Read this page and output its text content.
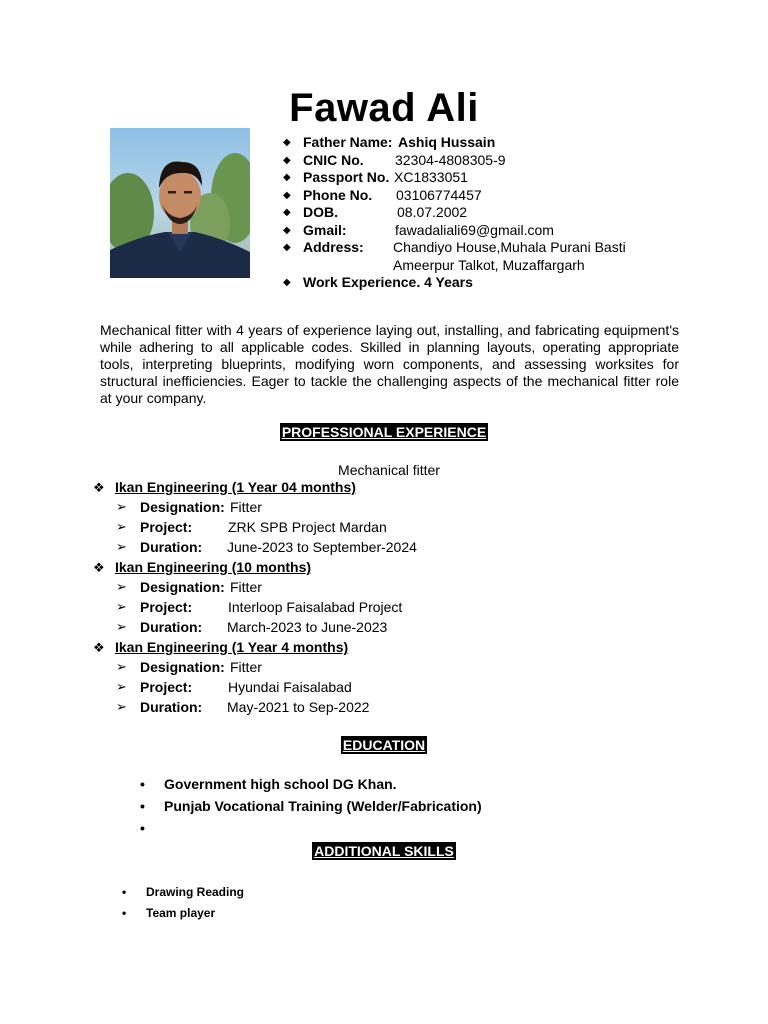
Fawad Ali
◆ Father Name: Ashiq Hussain
◆ CNIC No. 32304-4808305-9
◆ Passport No. XC1833051
◆ Phone No. 03106774457
◆ DOB.	08.07.2002
◆ Gmail:	fawadaliali69@gmail.com
◆ Address: Chandiyo House,Muhala Purani Basti
Ameerpur Talkot, Muzaffargarh
◆ Work Experience. 4 Years
Mechanical fitter with 4 years of experience laying out, installing, and fabricating equipment's while adhering to all applicable codes. Skilled in planning layouts, operating appropriate tools, interpreting blueprints, modifying worn components, and assessing worksites for structural inefficiencies. Eager to tackle the challenging aspects of the mechanical fitter role at your company.
PROFESSIONAL EXPERIENCE
Mechanical fitter
❖ Ikan Engineering (1 Year 04 months)
➢ Designation: Fitter
➢ Project:	ZRK SPB Project Mardan
➢ Duration: June-2023 to September-2024
❖ Ikan Engineering (10 months)
➢ Designation: Fitter
➢ Project:	Interloop Faisalabad Project
➢ Duration: March-2023 to June-2023
❖ Ikan Engineering (1 Year 4 months)
➢ Designation: Fitter
➢ Project:	Hyundai Faisalabad
➢ Duration: May-2021 to Sep-2022
EDUCATION
• Government high school DG Khan.
• Punjab Vocational Training (Welder/Fabrication)
•
ADDITIONAL SKILLS
• Drawing Reading
• Team player
